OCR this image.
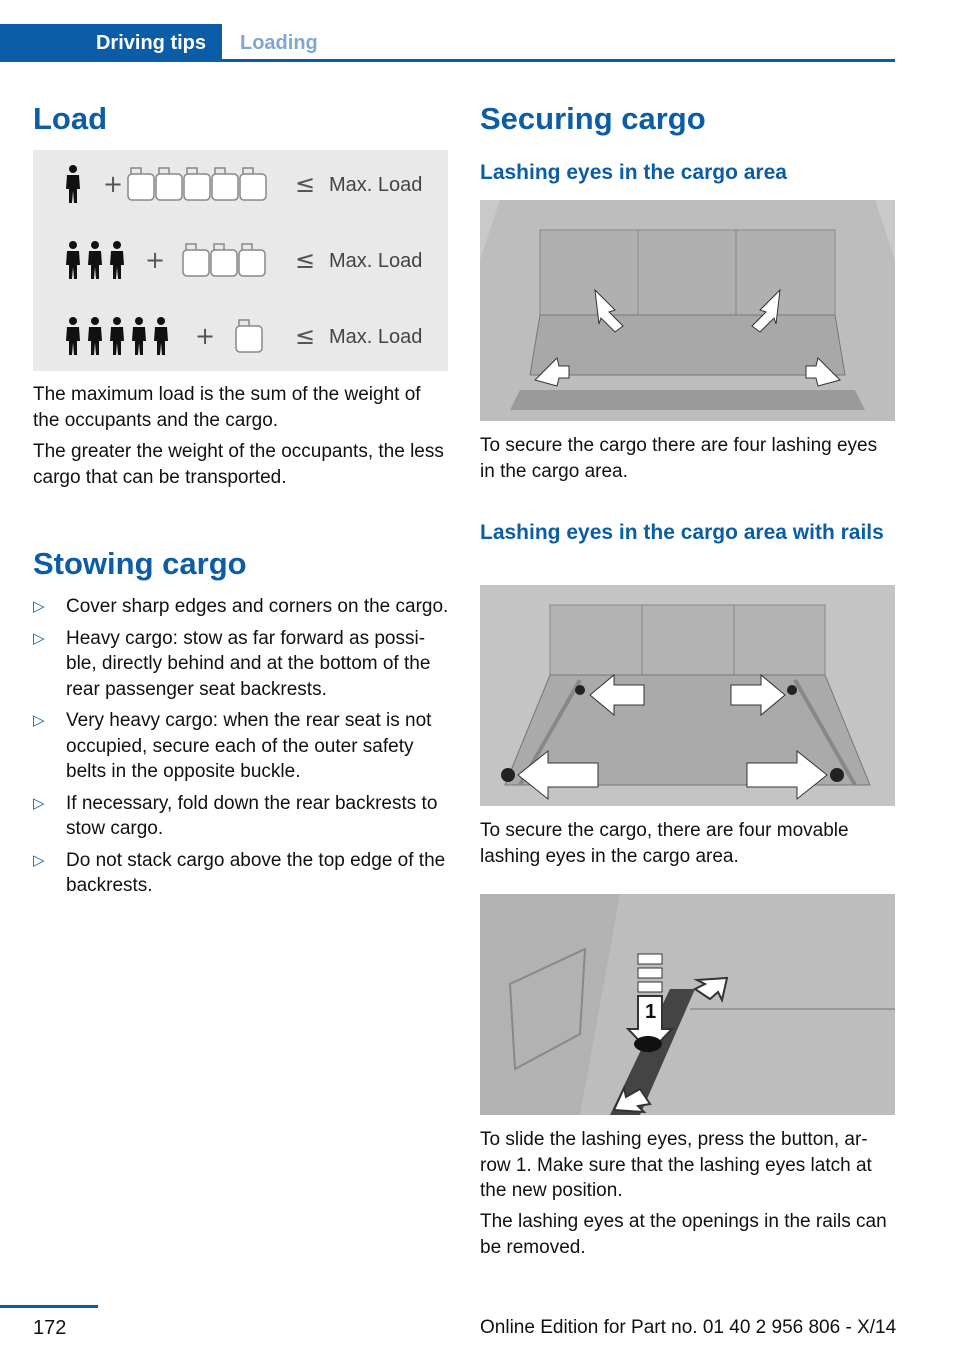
Driving tips	Loading
Load
+	≤ Max. Load
+	≤ Max. Load
+	≤ Max. Load

The maximum load is the sum of the weight of the occupants and the cargo.

The greater the weight of the occupants, the less cargo that can be transported.

Stowing cargo
▷ Cover sharp edges and corners on the cargo.
▷ Heavy cargo: stow as far forward as possi‐ble, directly behind and at the bottom of the rear passenger seat backrests.
▷ Very heavy cargo: when the rear seat is not occupied, secure each of the outer safety belts in the opposite buckle.
▷ If necessary, fold down the rear backrests to stow cargo.
▷ Do not stack cargo above the top edge of the backrests.
Securing cargo
Lashing eyes in the cargo area

To secure the cargo there are four lashing eyes in the cargo area.

Lashing eyes in the cargo area with rails

To secure the cargo, there are four movable lashing eyes in the cargo area.

1

To slide the lashing eyes, press the button, ar‐row 1. Make sure that the lashing eyes latch at the new position.

The lashing eyes at the openings in the rails can be removed.

172	Online Edition for Part no. 01 40 2 956 806 - X/14
